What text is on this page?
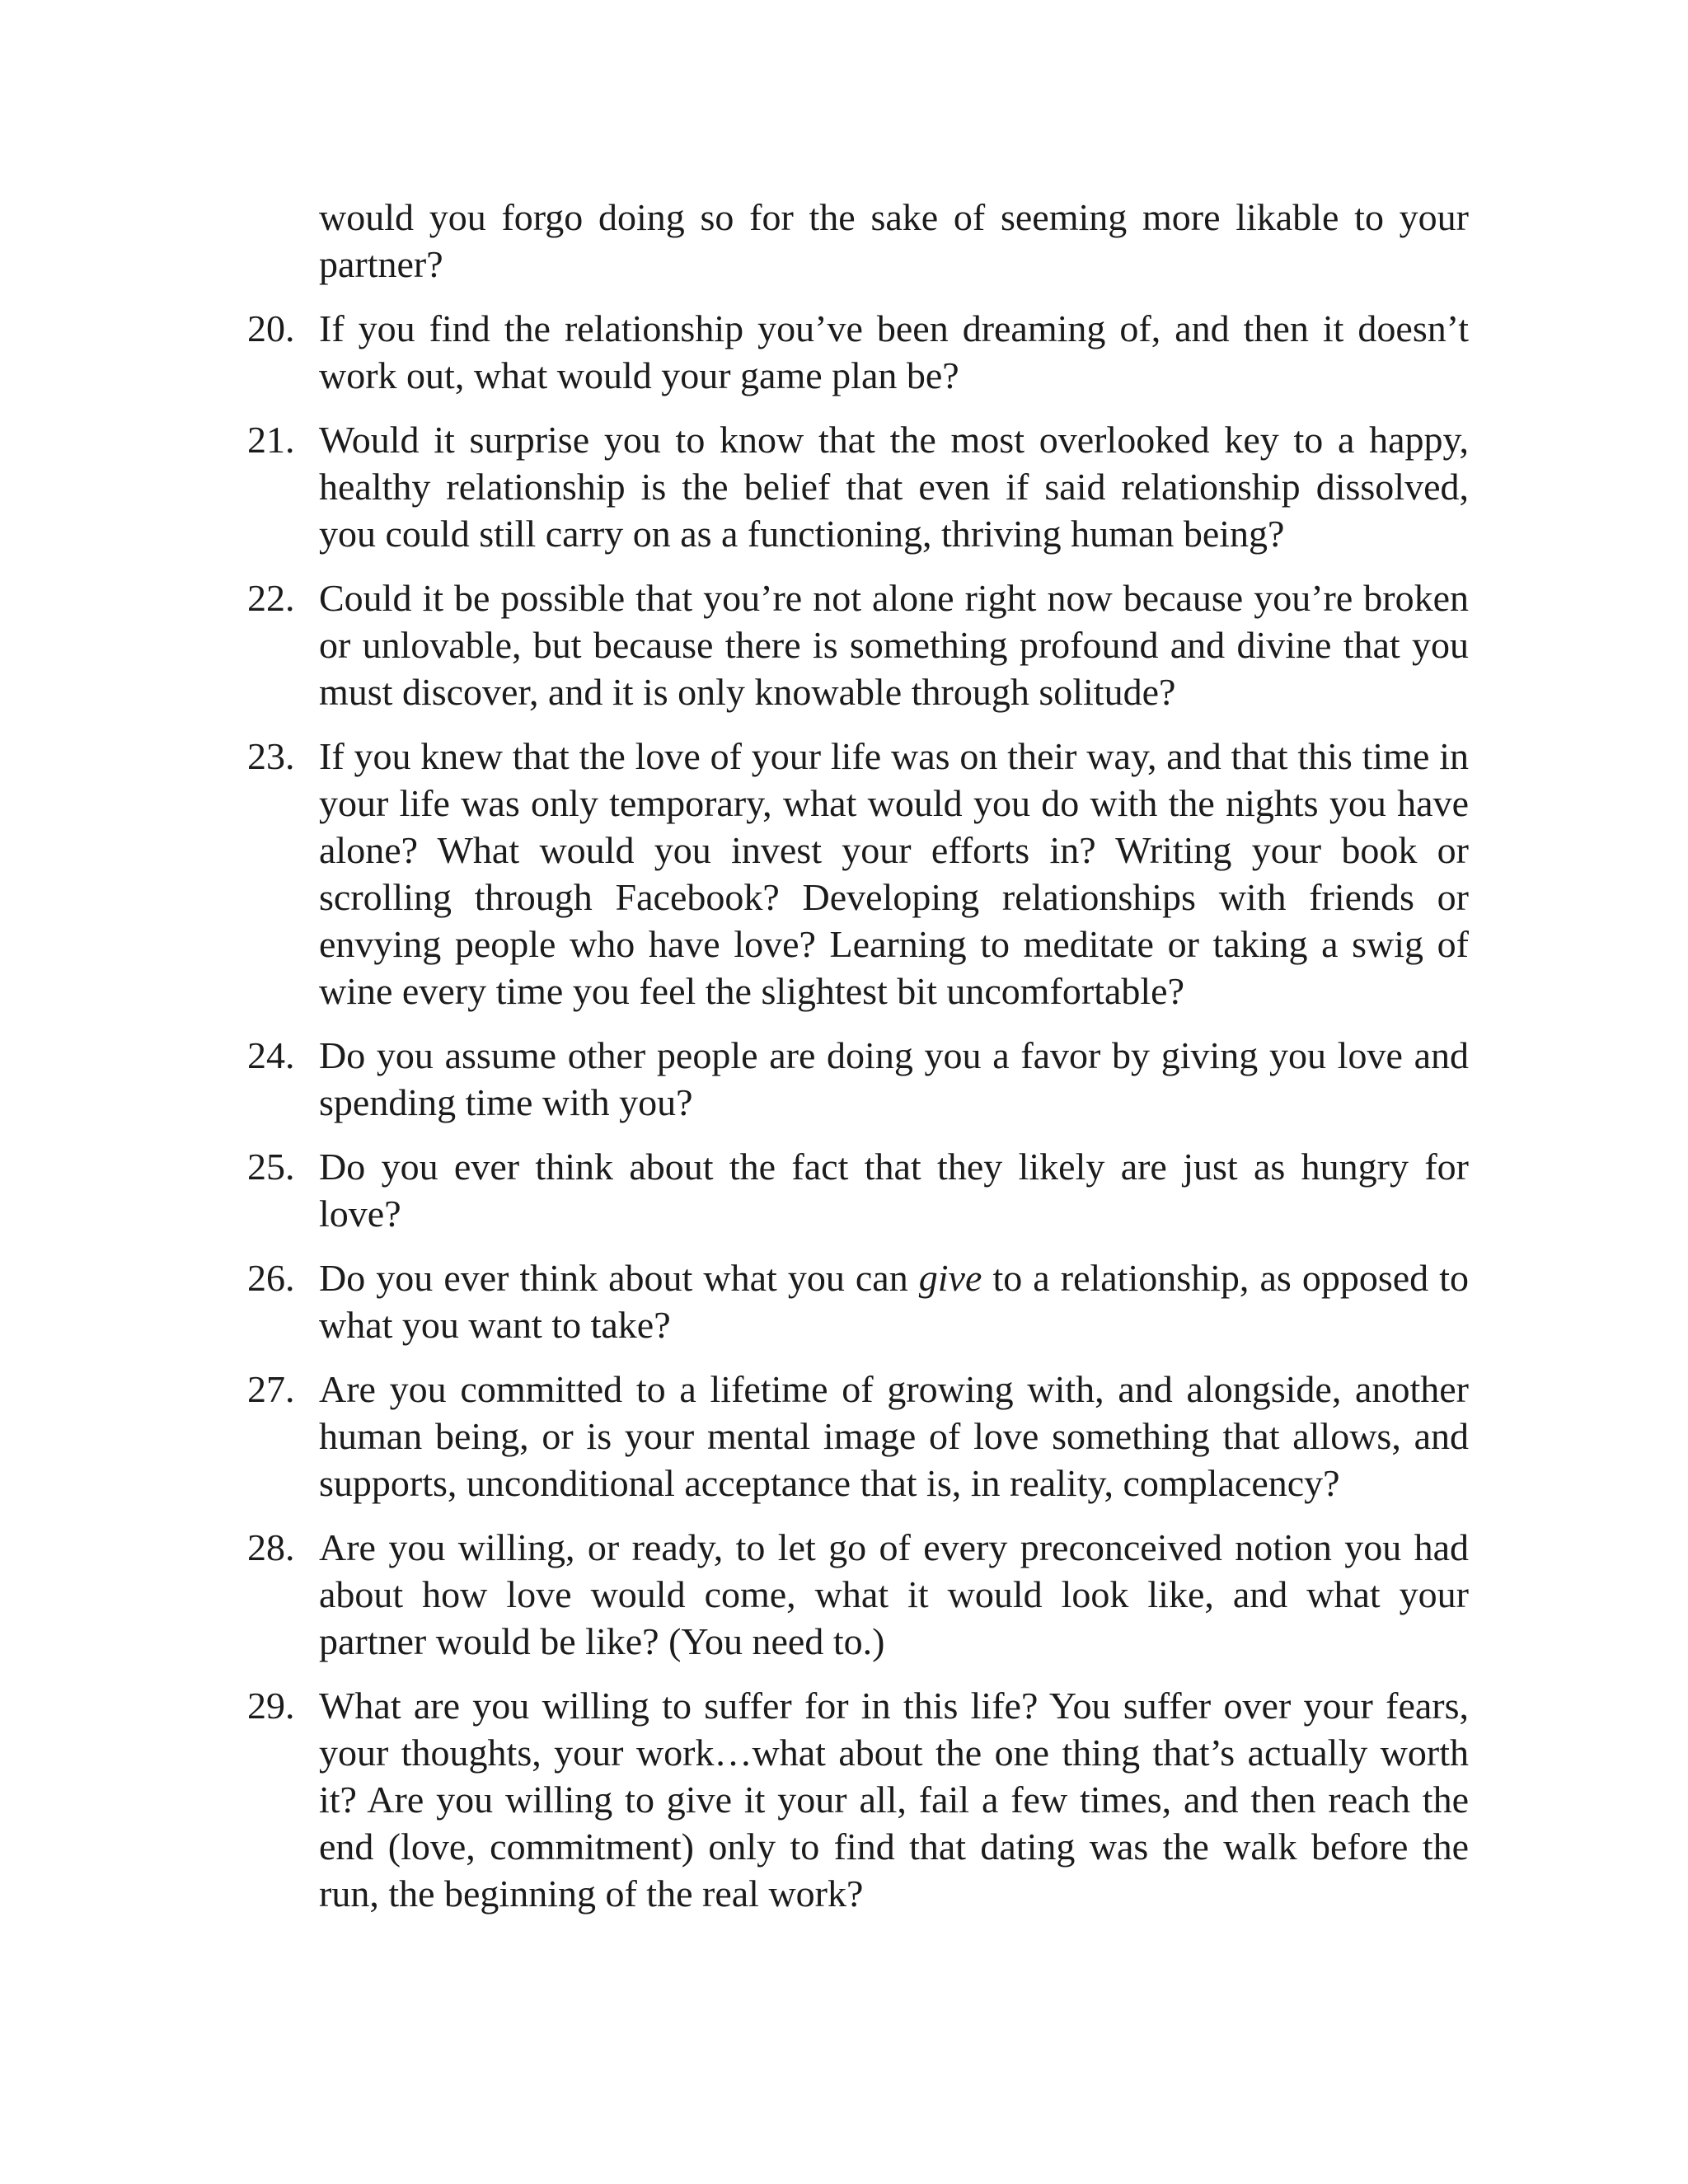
would you forgo doing so for the sake of seeming more likable to your partner?
20. If you find the relationship you’ve been dreaming of, and then it doesn’t work out, what would your game plan be?
21. Would it surprise you to know that the most overlooked key to a happy, healthy relationship is the belief that even if said relationship dissolved, you could still carry on as a functioning, thriving human being?
22. Could it be possible that you’re not alone right now because you’re broken or unlovable, but because there is something profound and divine that you must discover, and it is only knowable through solitude?
23. If you knew that the love of your life was on their way, and that this time in your life was only temporary, what would you do with the nights you have alone? What would you invest your efforts in? Writing your book or scrolling through Facebook? Developing relationships with friends or envying people who have love? Learning to meditate or taking a swig of wine every time you feel the slightest bit uncomfortable?
24. Do you assume other people are doing you a favor by giving you love and spending time with you?
25. Do you ever think about the fact that they likely are just as hungry for love?
26. Do you ever think about what you can give to a relationship, as opposed to what you want to take?
27. Are you committed to a lifetime of growing with, and alongside, another human being, or is your mental image of love something that allows, and supports, unconditional acceptance that is, in reality, complacency?
28. Are you willing, or ready, to let go of every preconceived notion you had about how love would come, what it would look like, and what your partner would be like? (You need to.)
29. What are you willing to suffer for in this life? You suffer over your fears, your thoughts, your work…what about the one thing that’s actually worth it? Are you willing to give it your all, fail a few times, and then reach the end (love, commitment) only to find that dating was the walk before the run, the beginning of the real work?
